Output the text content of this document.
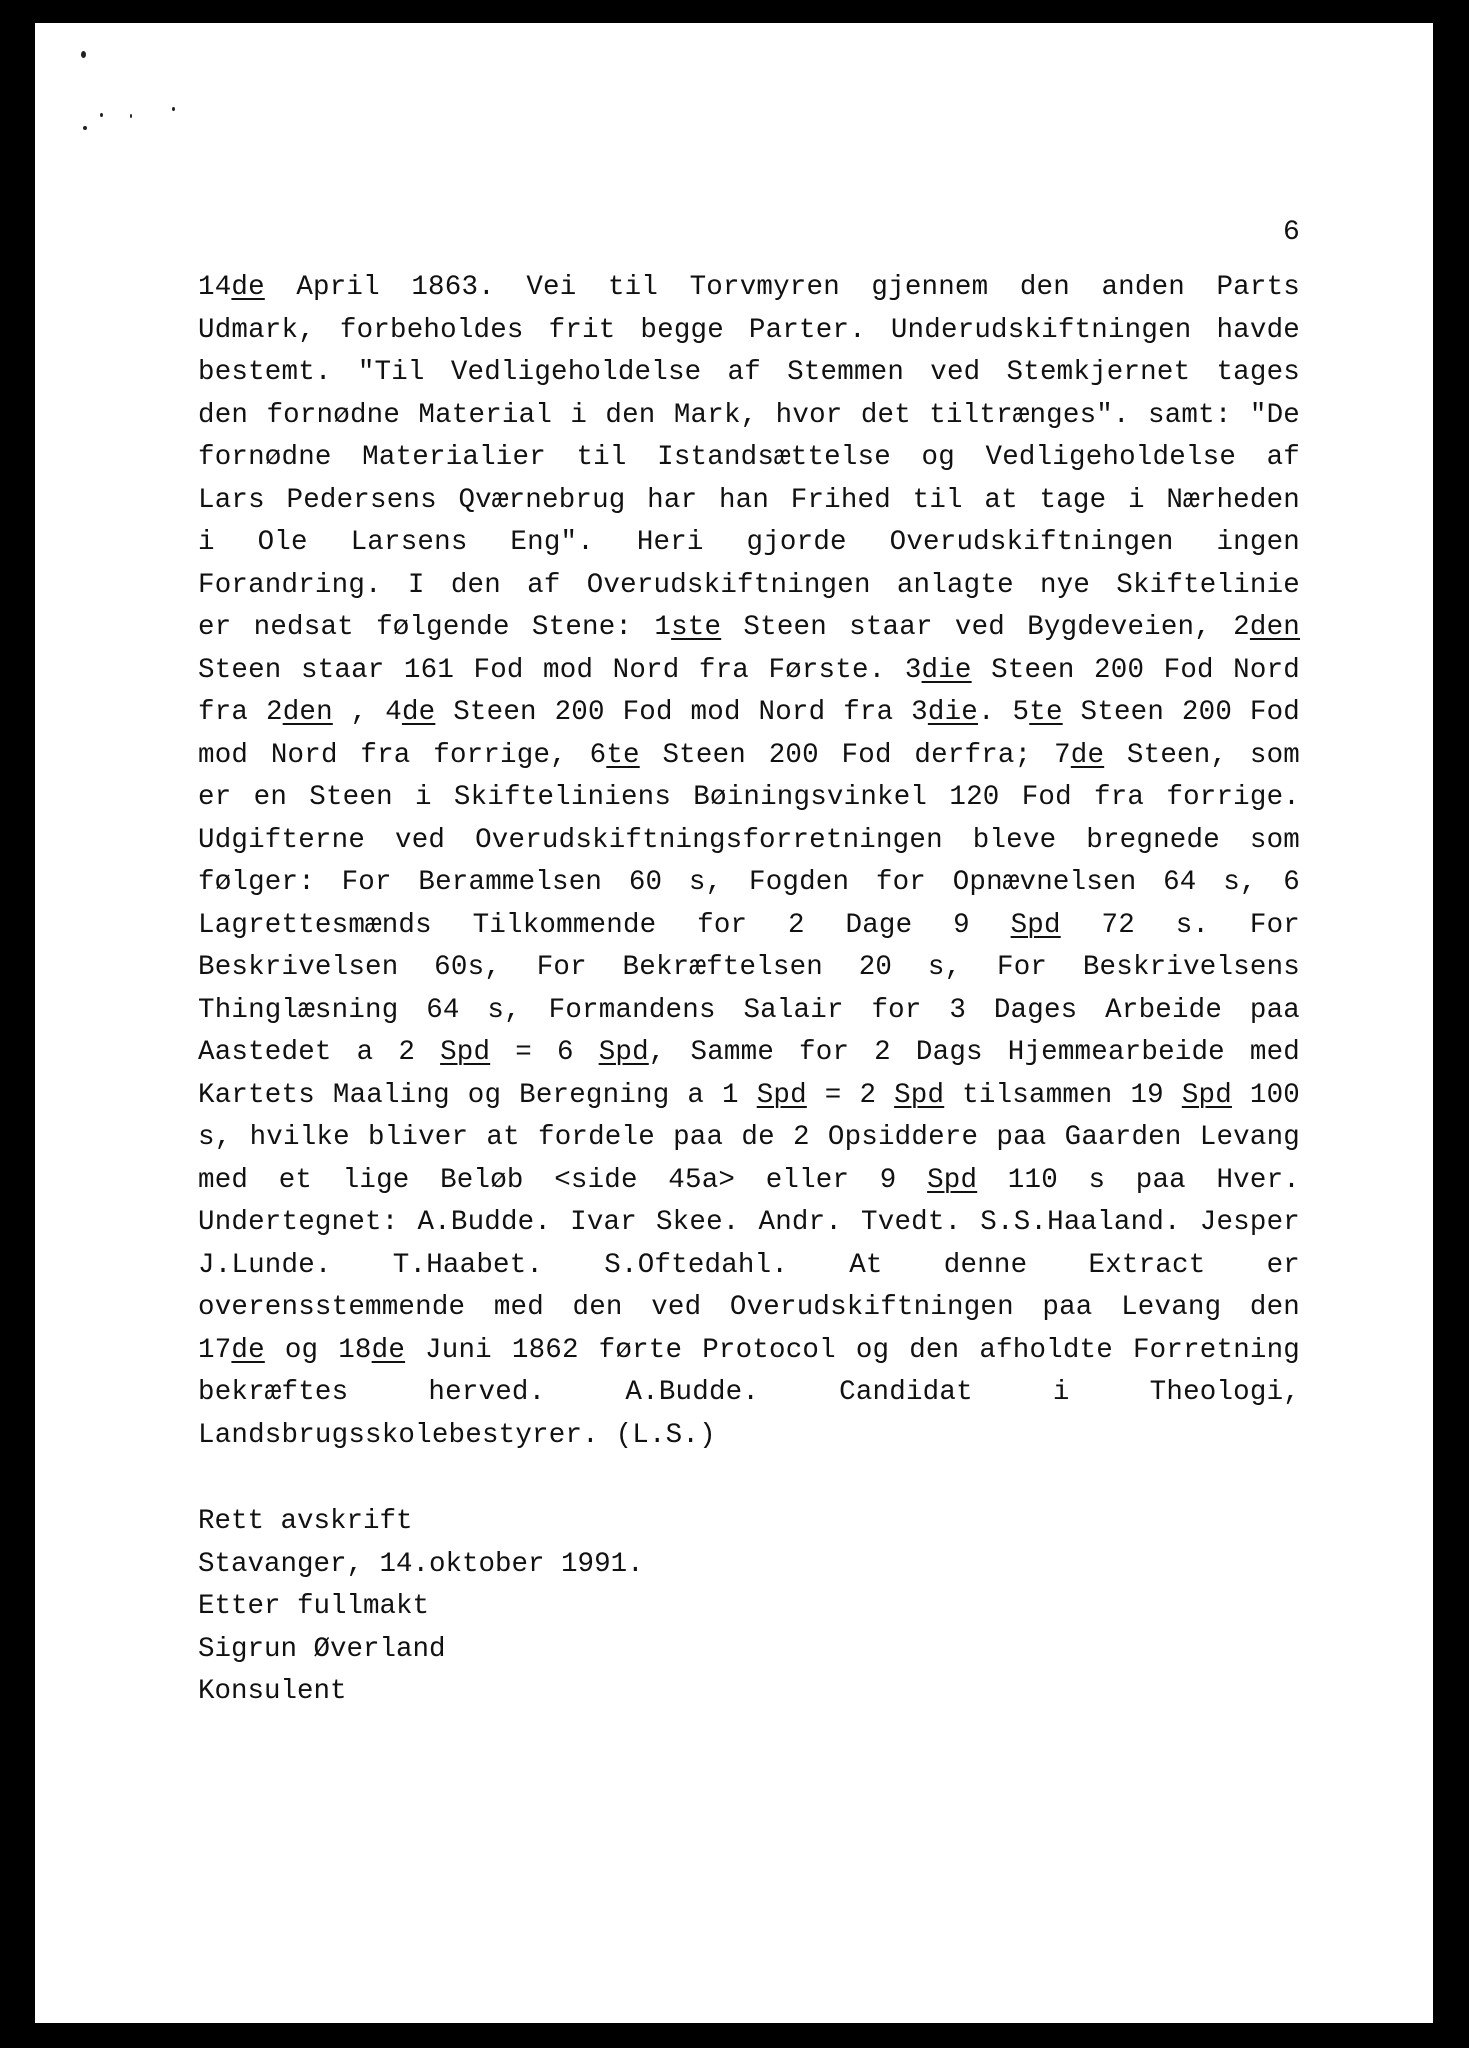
6
14de April 1863. Vei til Torvmyren gjennem den anden Parts
Udmark, forbeholdes frit begge Parter. Underudskiftningen havde
bestemt. "Til Vedligeholdelse af Stemmen ved Stemkjernet tages
den fornødne Material i den Mark, hvor det tiltrænges". samt: "De
fornødne Materialier til Istandsættelse og Vedligeholdelse af
Lars Pedersens Qværnebrug har han Frihed til at tage i Nærheden
i Ole Larsens Eng". Heri gjorde Overudskiftningen ingen
Forandring. I den af Overudskiftningen anlagte nye Skiftelinie
er nedsat følgende Stene: 1ste Steen staar ved Bygdeveien, 2den
Steen staar 161 Fod mod Nord fra Første. 3die Steen 200 Fod Nord
fra 2den , 4de Steen 200 Fod mod Nord fra 3die. 5te Steen 200 Fod
mod Nord fra forrige, 6te Steen 200 Fod derfra; 7de Steen, som
er en Steen i Skifteliniens Bøiningsvinkel 120 Fod fra forrige.
Udgifterne ved Overudskiftningsforretningen bleve bregnede som
følger: For Berammelsen 60 s, Fogden for Opnævnelsen 64 s, 6
Lagrettesmænds Tilkommende for 2 Dage 9 Spd 72 s. For
Beskrivelsen 60s, For Bekræftelsen 20 s, For Beskrivelsens
Thinglæsning 64 s, Formandens Salair for 3 Dages Arbeide paa
Aastedet a 2 Spd = 6 Spd, Samme for 2 Dags Hjemmearbeide med
Kartets Maaling og Beregning a 1 Spd = 2 Spd tilsammen 19 Spd 100
s, hvilke bliver at fordele paa de 2 Opsiddere paa Gaarden Levang
med et lige Beløb <side 45a> eller 9 Spd 110 s paa Hver.
Undertegnet: A.Budde. Ivar Skee. Andr. Tvedt. S.S.Haaland. Jesper
J.Lunde. T.Haabet. S.Oftedahl. At denne Extract er
overensstemmende med den ved Overudskiftningen paa Levang den
17de og 18de Juni 1862 førte Protocol og den afholdte Forretning
bekræftes herved. A.Budde. Candidat i Theologi,
Landsbrugsskolebestyrer. (L.S.)
Rett avskrift
Stavanger, 14.oktober 1991.
Etter fullmakt
Sigrun Øverland
Konsulent
